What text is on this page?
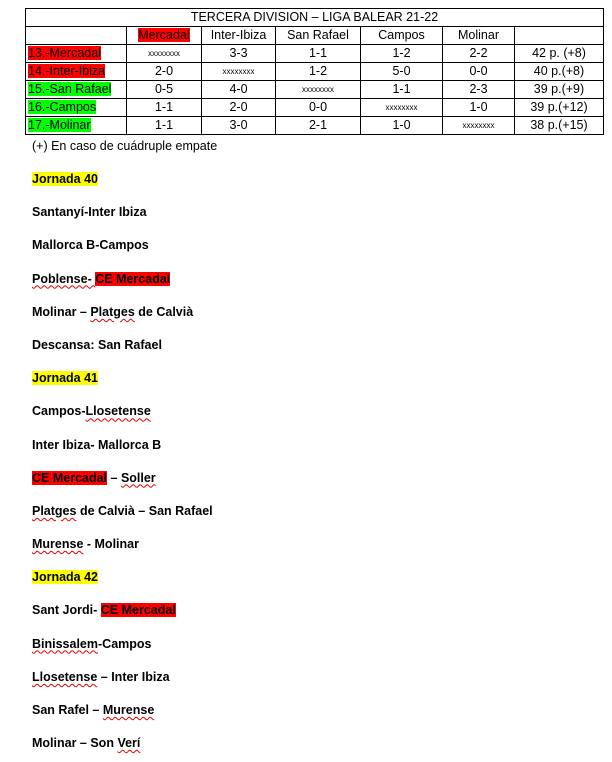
TERCERA DIVISION – LIGA BALEAR 21-22						
	Mercadal	Inter-Ibiza	San Rafael	Campos	Molinar	
13.-Mercadal	xxxxxxxx	3-3	1-1	1-2	2-2	42 p. (+8)
14.-Inter-Ibiza	2-0	xxxxxxxx	1-2	5-0	0-0	40 p.(+8)
15.-San Rafael	0-5	4-0	xxxxxxxx	1-1	2-3	39 p.(+9)
16.-Campos	1-1	2-0	0-0	xxxxxxxx	1-0	39 p.(+12)
17.-Molinar	1-1	3-0	2-1	1-0	xxxxxxxx	38 p.(+15)
(+) En caso de cuádruple empate
Jornada 40
Santanyí-Inter Ibiza
Mallorca B-Campos
Poblense- CE Mercadal
Molinar – Platges de Calvià
Descansa: San Rafael
Jornada 41
Campos-Llosetense
Inter Ibiza- Mallorca B
CE Mercadal – Soller
Platges de Calvià – San Rafael
Murense - Molinar
Jornada 42
Sant Jordi- CE Mercadal
Binissalem-Campos
Llosetense – Inter Ibiza
San Rafel – Murense
Molinar – Son Verí
